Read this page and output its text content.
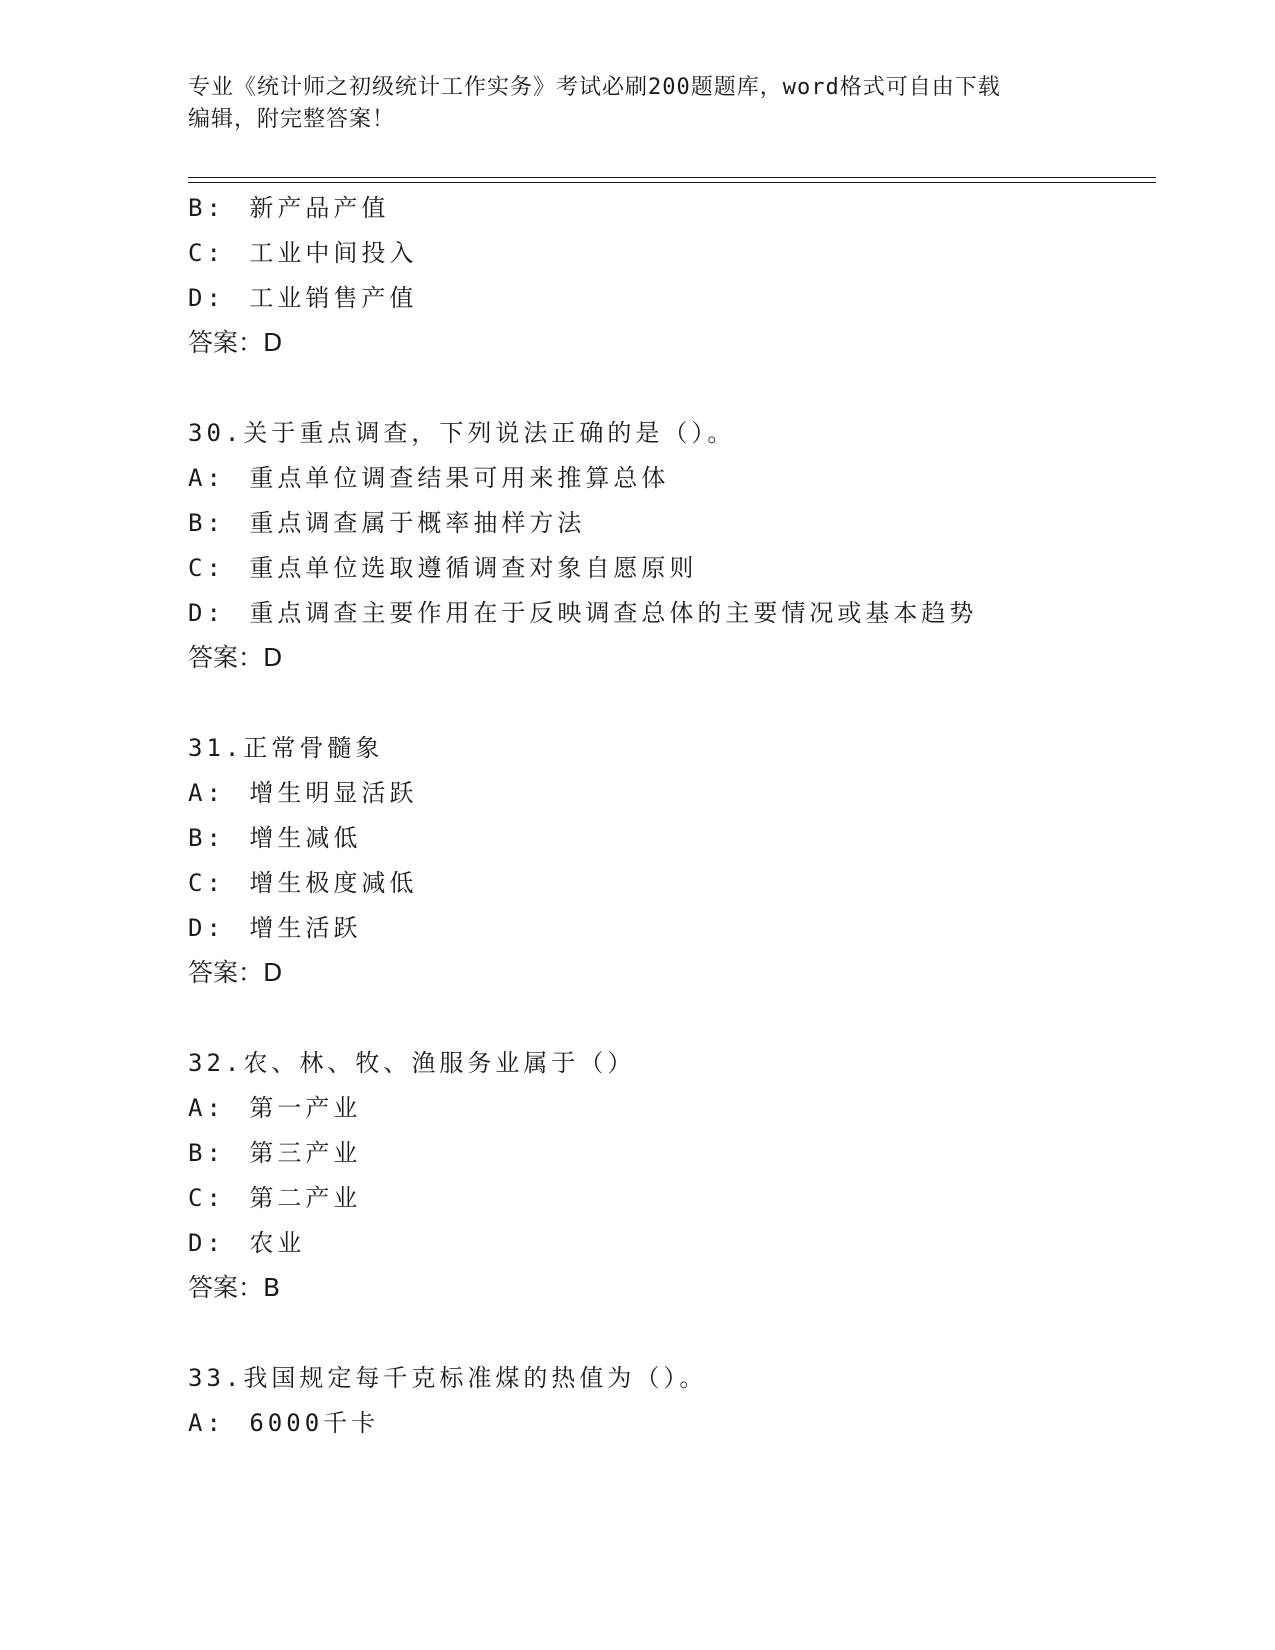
专业《统计师之初级统计工作实务》考试必刷200题题库，word格式可自由下载
编辑，附完整答案！
B: 新产品产值
C: 工业中间投入
D: 工业销售产值
答案：D
30.关于重点调查，下列说法正确的是（）。
A: 重点单位调查结果可用来推算总体
B: 重点调查属于概率抽样方法
C: 重点单位选取遵循调查对象自愿原则
D: 重点调查主要作用在于反映调查总体的主要情况或基本趋势
答案：D
31.正常骨髓象
A: 增生明显活跃
B: 增生减低
C: 增生极度减低
D: 增生活跃
答案：D
32.农、林、牧、渔服务业属于（）
A: 第一产业
B: 第三产业
C: 第二产业
D: 农业
答案：B
33.我国规定每千克标准煤的热值为（）。
A: 6000千卡
